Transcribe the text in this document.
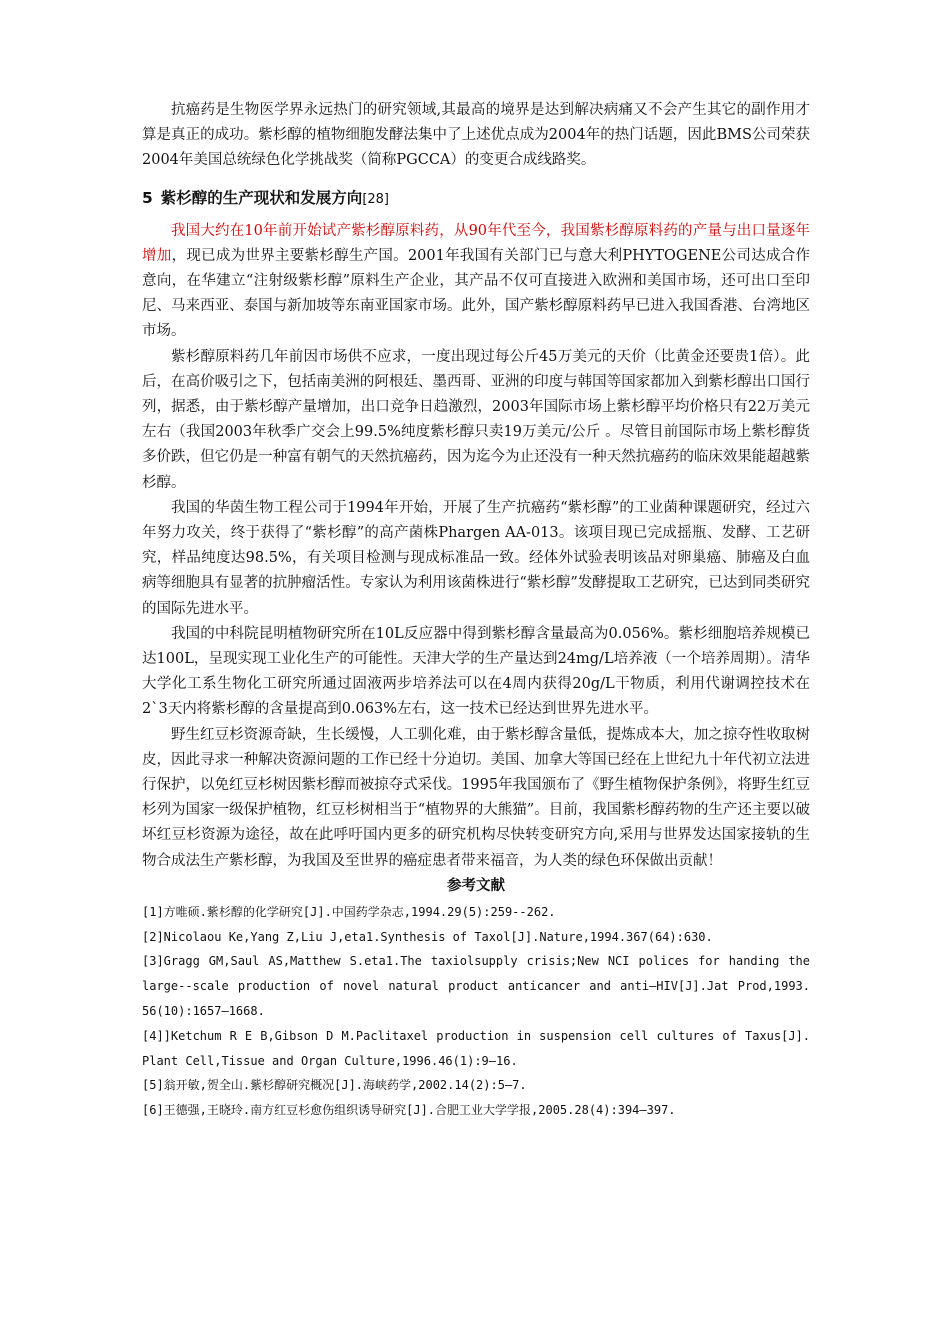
抗癌药是生物医学界永远热门的研究领域,其最高的境界是达到解决病痛又不会产生其它的副作用才算是真正的成功。紫杉醇的植物细胞发酵法集中了上述优点成为2004年的热门话题，因此BMS公司荣获2004年美国总统绿色化学挑战奖（简称PGCCA）的变更合成线路奖。

5 紫杉醇的生产现状和发展方向[28]

我国大约在10年前开始试产紫杉醇原料药，从90年代至今，我国紫杉醇原料药的产量与出口量逐年增加，现已成为世界主要紫杉醇生产国。2001年我国有关部门已与意大利PHYTOGENE公司达成合作意向，在华建立“注射级紫杉醇”原料生产企业，其产品不仅可直接进入欧洲和美国市场，还可出口至印尼、马来西亚、泰国与新加坡等东南亚国家市场。此外，国产紫杉醇原料药早已进入我国香港、台湾地区市场。

紫杉醇原料药几年前因市场供不应求，一度出现过每公斤45万美元的天价（比黄金还要贵1倍）。此后，在高价吸引之下，包括南美洲的阿根廷、墨西哥、亚洲的印度与韩国等国家都加入到紫杉醇出口国行列，据悉，由于紫杉醇产量增加，出口竞争日趋激烈，2003年国际市场上紫杉醇平均价格只有22万美元左右（我国2003年秋季广交会上99.5%纯度紫杉醇只卖19万美元/公斤 。尽管目前国际市场上紫杉醇货多价跌，但它仍是一种富有朝气的天然抗癌药，因为迄今为止还没有一种天然抗癌药的临床效果能超越紫杉醇。

我国的华茵生物工程公司于1994年开始，开展了生产抗癌药“紫杉醇”的工业菌种课题研究，经过六年努力攻关，终于获得了“紫杉醇”的高产菌株Phargen AA-013。该项目现已完成摇瓶、发酵、工艺研究，样品纯度达98.5%，有关项目检测与现成标准品一致。经体外试验表明该品对卵巢癌、肺癌及白血病等细胞具有显著的抗肿瘤活性。专家认为利用该菌株进行“紫杉醇”发酵提取工艺研究，已达到同类研究的国际先进水平。

我国的中科院昆明植物研究所在10L反应器中得到紫杉醇含量最高为0.056%。紫杉细胞培养规模已达100L，呈现实现工业化生产的可能性。天津大学的生产量达到24mg/L培养液（一个培养周期）。清华大学化工系生物化工研究所通过固液两步培养法可以在4周内获得20g/L干物质，利用代谢调控技术在2`3天内将紫杉醇的含量提高到0.063%左右，这一技术已经达到世界先进水平。

野生红豆杉资源奇缺，生长缓慢，人工驯化难，由于紫杉醇含量低，提炼成本大，加之掠夺性收取树皮，因此寻求一种解决资源问题的工作已经十分迫切。美国、加拿大等国已经在上世纪九十年代初立法进行保护，以免红豆杉树因紫杉醇而被掠夺式采伐。1995年我国颁布了《野生植物保护条例》，将野生红豆杉列为国家一级保护植物，红豆杉树相当于“植物界的大熊猫”。目前，我国紫杉醇药物的生产还主要以破坏红豆杉资源为途径，故在此呼吁国内更多的研究机构尽快转变研究方向,采用与世界发达国家接轨的生物合成法生产紫杉醇，为我国及至世界的癌症患者带来福音，为人类的绿色环保做出贡献！

参考文献

[1]方唯硕.紫杉醇的化学研究[J].中国药学杂志,1994.29(5):259--262.

[2]Nicolaou Ke,Yang Z,Liu J,eta1.Synthesis of Taxol[J].Nature,1994.367(64):630.

[3]Gragg GM,Saul AS,Matthew S.eta1.The taxiolsupply crisis;New NCI polices for handing the large--scale production of novel natural product anticancer and anti—HIV[J].Jat Prod,1993. 56(10):1657—1668.

[4]]Ketchum R E B,Gibson D M.Paclitaxel production in suspension cell cultures of Taxus[J]. Plant Cell,Tissue and Organ Culture,1996.46(1):9—16.

[5]翁开敏,贺全山.紫杉醇研究概况[J].海峡药学,2002.14(2):5—7.

[6]王德强,王晓玲.南方红豆杉愈伤组织诱导研究[J].合肥工业大学学报,2005.28(4):394—397.
